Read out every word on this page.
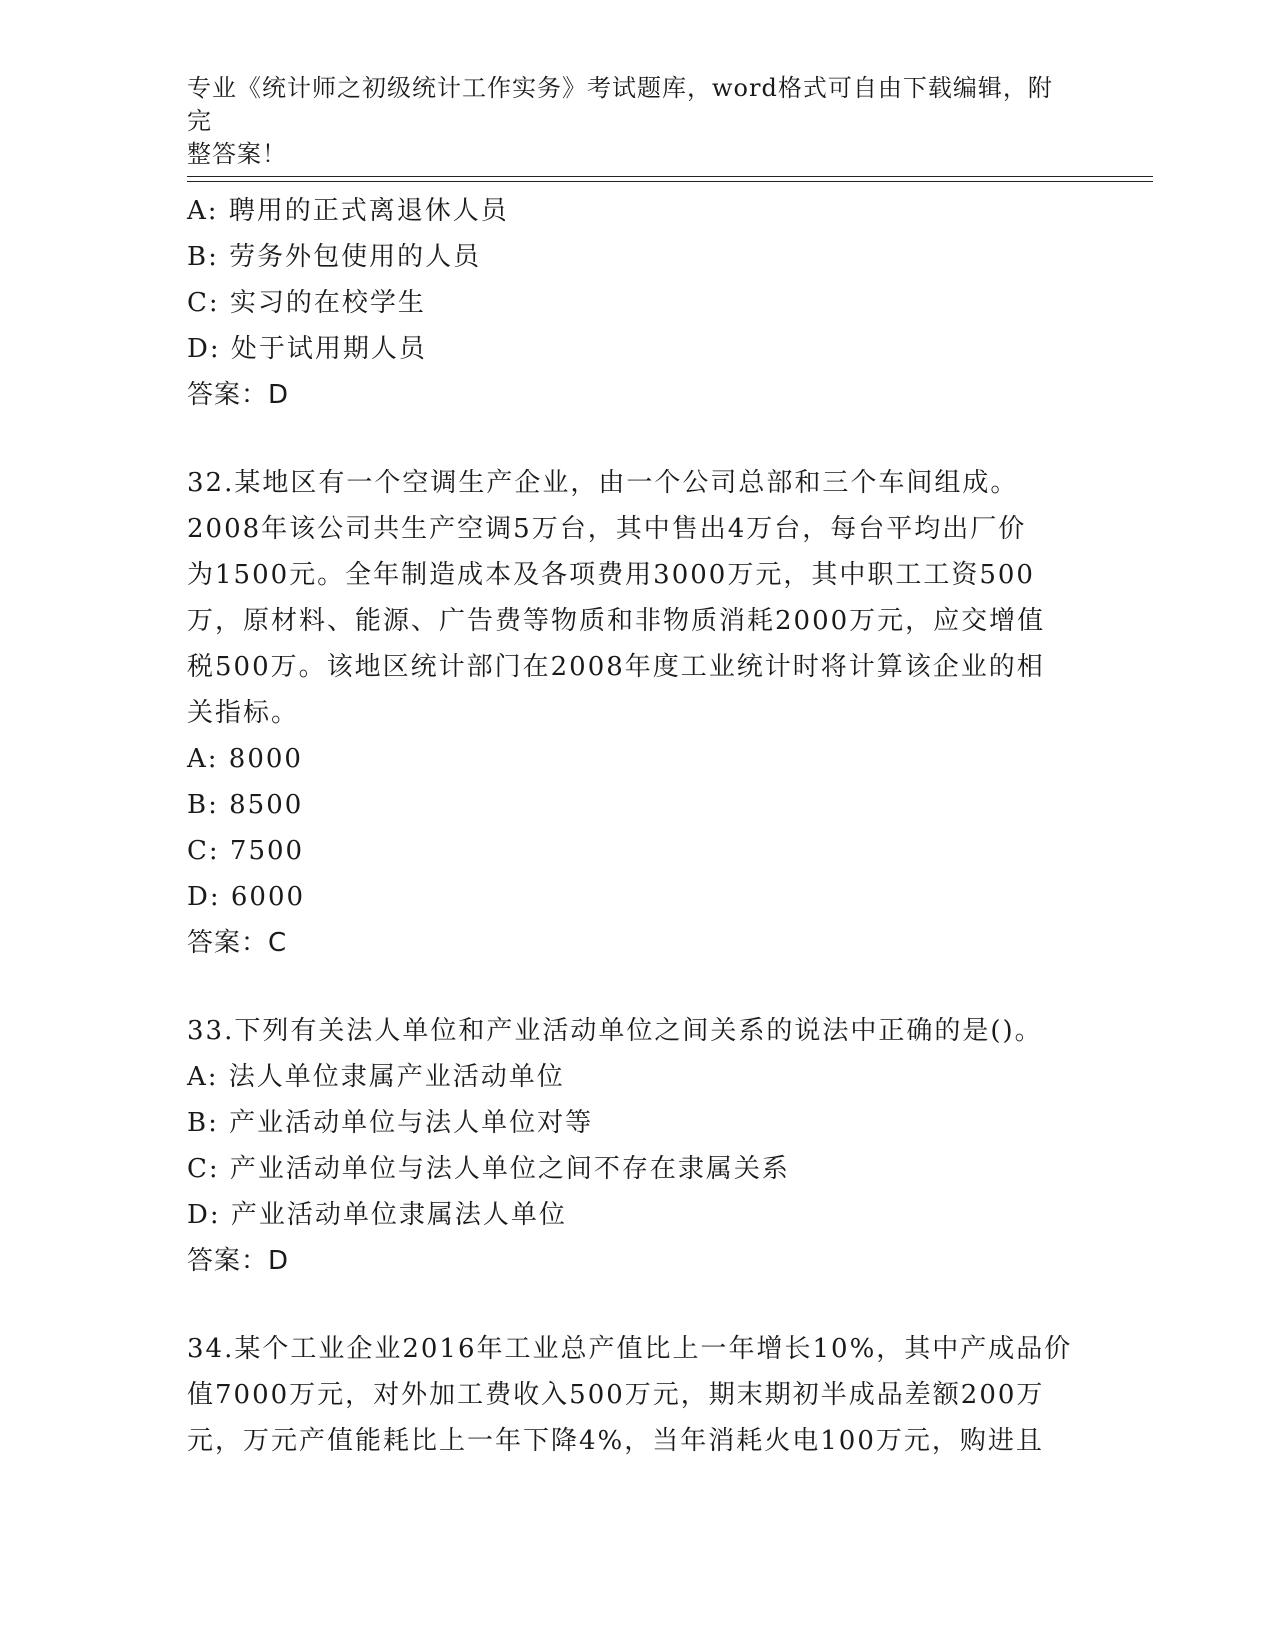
专业《统计师之初级统计工作实务》考试题库，word格式可自由下载编辑，附完
整答案！
A: 聘用的正式离退休人员
B: 劳务外包使用的人员
C: 实习的在校学生
D: 处于试用期人员
答案：D
32.某地区有一个空调生产企业，由一个公司总部和三个车间组成。
2008年该公司共生产空调5万台，其中售出4万台，每台平均出厂价
为1500元。全年制造成本及各项费用3000万元，其中职工工资500
万，原材料、能源、广告费等物质和非物质消耗2000万元，应交增值
税500万。该地区统计部门在2008年度工业统计时将计算该企业的相
关指标。
A: 8000
B: 8500
C: 7500
D: 6000
答案：C
33.下列有关法人单位和产业活动单位之间关系的说法中正确的是()。
A: 法人单位隶属产业活动单位
B: 产业活动单位与法人单位对等
C: 产业活动单位与法人单位之间不存在隶属关系
D: 产业活动单位隶属法人单位
答案：D
34.某个工业企业2016年工业总产值比上一年增长10%，其中产成品价
值7000万元，对外加工费收入500万元，期末期初半成品差额200万
元，万元产值能耗比上一年下降4%，当年消耗火电100万元，购进且
